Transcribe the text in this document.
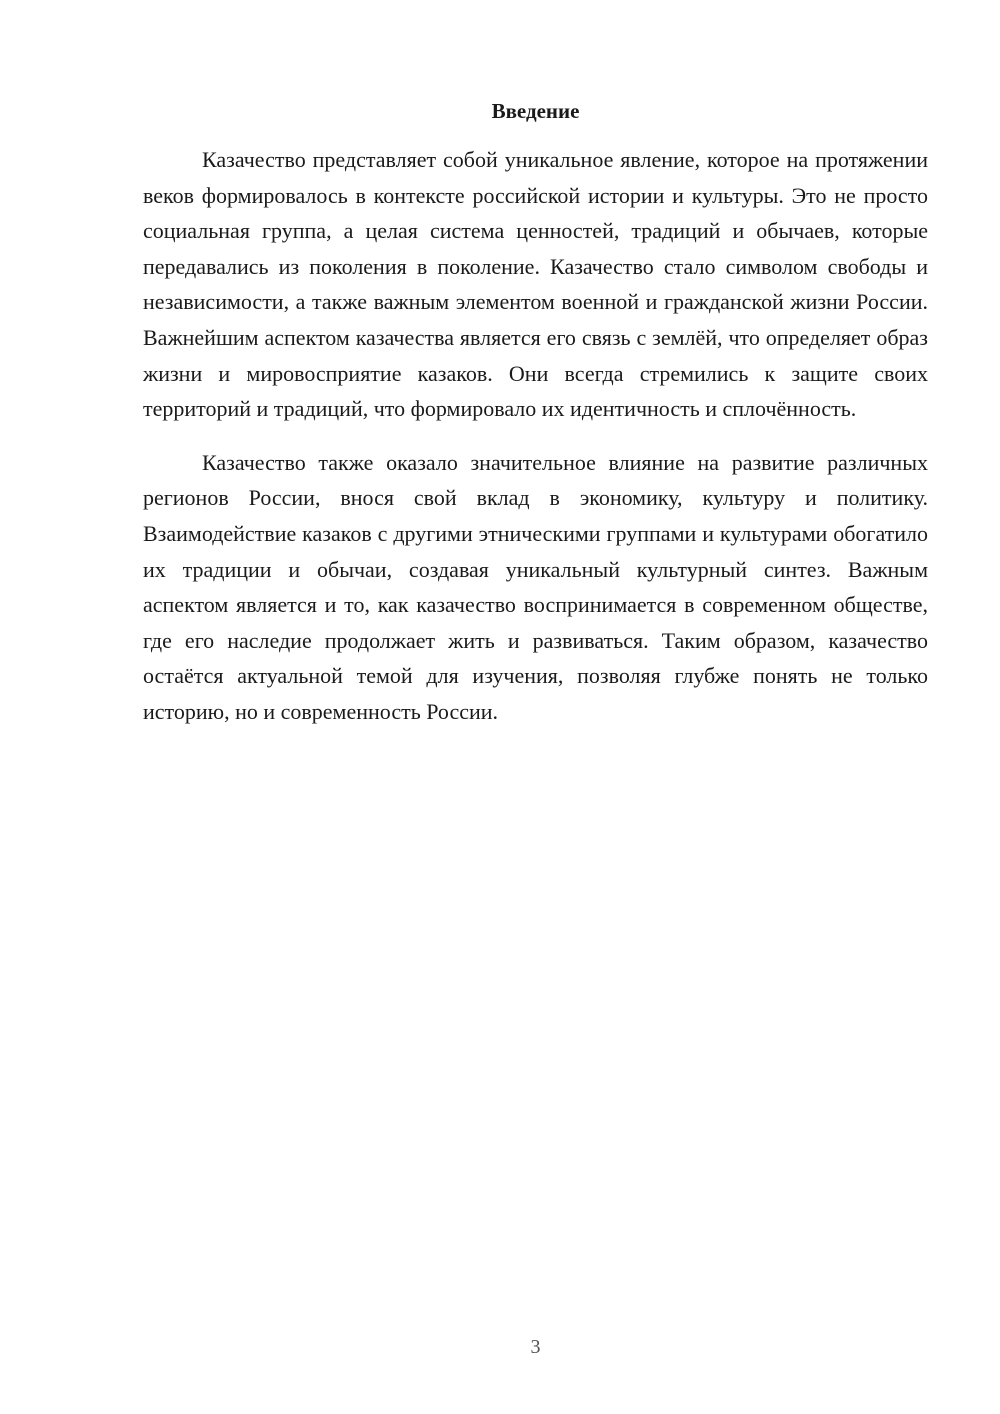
Введение

Казачество представляет собой уникальное явление, которое на протяжении веков формировалось в контексте российской истории и культуры. Это не просто социальная группа, а целая система ценностей, традиций и обычаев, которые передавались из поколения в поколение. Казачество стало символом свободы и независимости, а также важным элементом военной и гражданской жизни России. Важнейшим аспектом казачества является его связь с землёй, что определяет образ жизни и мировосприятие казаков. Они всегда стремились к защите своих территорий и традиций, что формировало их идентичность и сплочённость.

Казачество также оказало значительное влияние на развитие различных регионов России, внося свой вклад в экономику, культуру и политику. Взаимодействие казаков с другими этническими группами и культурами обогатило их традиции и обычаи, создавая уникальный культурный синтез. Важным аспектом является и то, как казачество воспринимается в современном обществе, где его наследие продолжает жить и развиваться. Таким образом, казачество остаётся актуальной темой для изучения, позволяя глубже понять не только историю, но и современность России.

3
